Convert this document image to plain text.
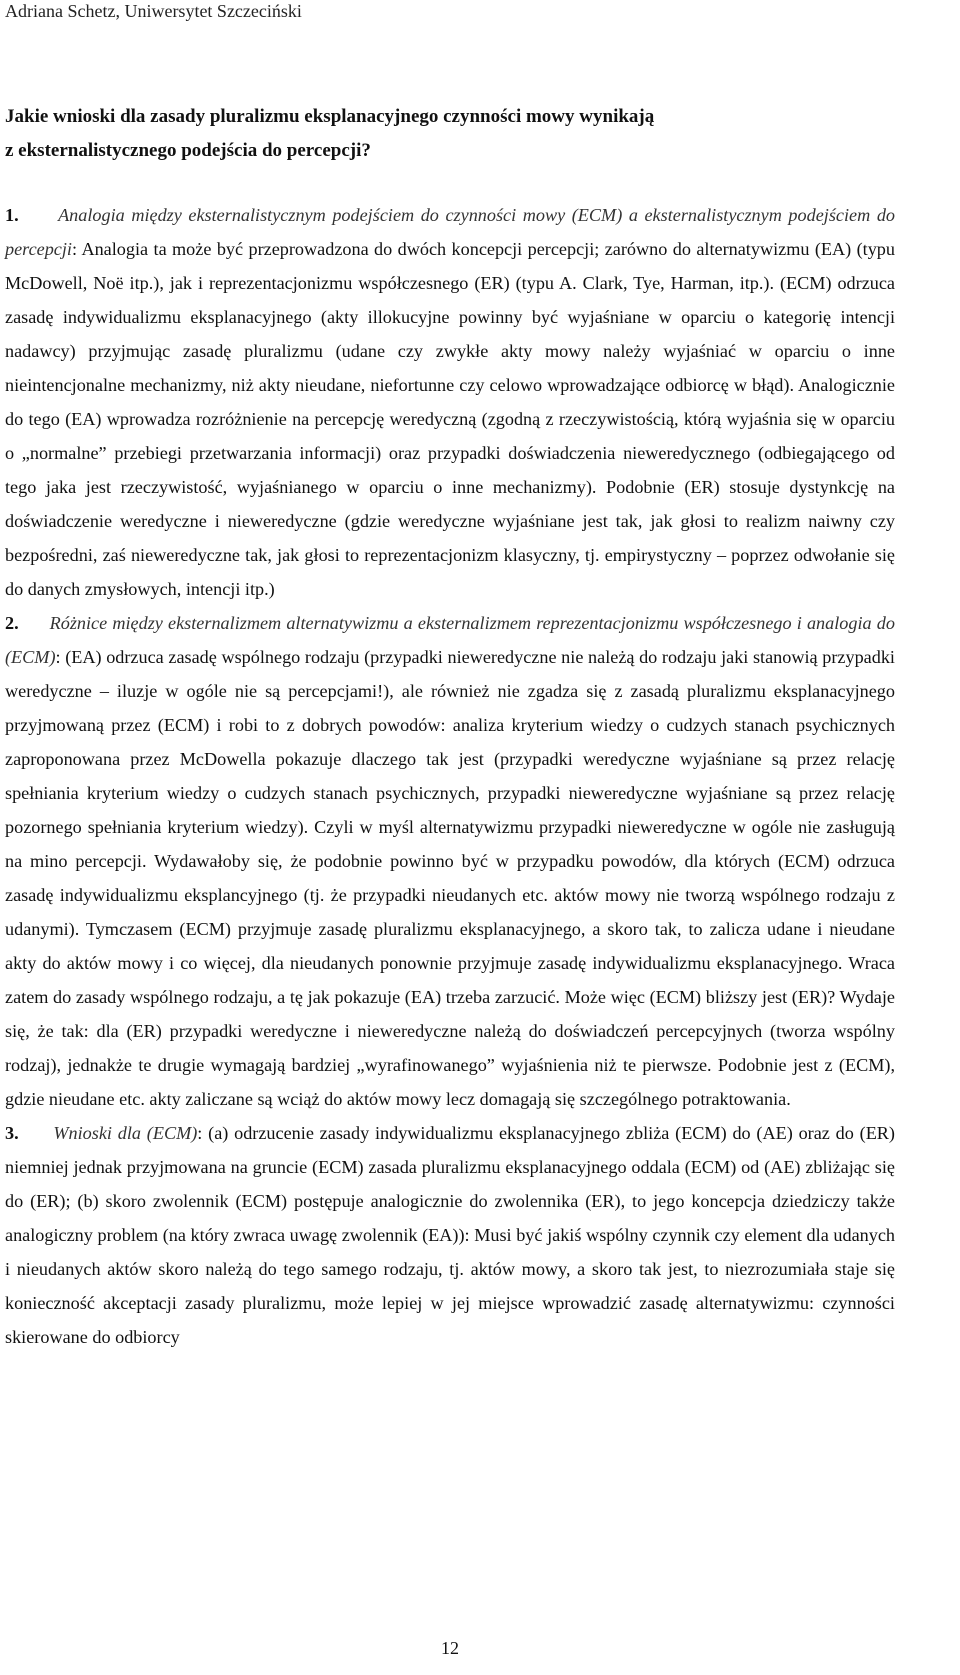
Adriana Schetz, Uniwersytet Szczeciński
Jakie wnioski dla zasady pluralizmu eksplanacyjnego czynności mowy wynikają
z eksternalistycznego podejścia do percepcji?

1. Analogia między eksternalistycznym podejściem do czynności mowy (ECM) a eksternalistycznym podejściem do percepcji: Analogia ta może być przeprowadzona do dwóch koncepcji percepcji; zarówno do alternatywizmu (EA) (typu McDowell, Noë itp.), jak i reprezentacjonizmu współczesnego (ER) (typu A. Clark, Tye, Harman, itp.). (ECM) odrzuca zasadę indywidualizmu eksplanacyjnego (akty illokucyjne powinny być wyjaśniane w oparciu o kategorię intencji nadawcy) przyjmując zasadę pluralizmu (udane czy zwykłe akty mowy należy wyjaśniać w oparciu o inne nieintencjonalne mechanizmy, niż akty nieudane, niefortunne czy celowo wprowadzające odbiorcę w błąd). Analogicznie do tego (EA) wprowadza rozróżnienie na percepcję weredyczną (zgodną z rzeczywistością, którą wyjaśnia się w oparciu o „normalne” przebiegi przetwarzania informacji) oraz przypadki doświadczenia nieweredycznego (odbiegającego od tego jaka jest rzeczywistość, wyjaśnianego w oparciu o inne mechanizmy). Podobnie (ER) stosuje dystynkcję na doświadczenie weredyczne i nieweredyczne (gdzie weredyczne wyjaśniane jest tak, jak głosi to realizm naiwny czy bezpośredni, zaś nieweredyczne tak, jak głosi to reprezentacjonizm klasyczny, tj. empirystyczny – poprzez odwołanie się do danych zmysłowych, intencji itp.)

2. Różnice między eksternalizmem alternatywizmu a eksternalizmem reprezentacjonizmu współczesnego i analogia do (ECM): (EA) odrzuca zasadę wspólnego rodzaju (przypadki nieweredyczne nie należą do rodzaju jaki stanowią przypadki weredyczne – iluzje w ogóle nie są percepcjami!), ale również nie zgadza się z zasadą pluralizmu eksplanacyjnego przyjmowaną przez (ECM) i robi to z dobrych powodów: analiza kryterium wiedzy o cudzych stanach psychicznych zaproponowana przez McDowella pokazuje dlaczego tak jest (przypadki weredyczne wyjaśniane są przez relację spełniania kryterium wiedzy o cudzych stanach psychicznych, przypadki nieweredyczne wyjaśniane są przez relację pozornego spełniania kryterium wiedzy). Czyli w myśl alternatywizmu przypadki nieweredyczne w ogóle nie zasługują na mino percepcji. Wydawałoby się, że podobnie powinno być w przypadku powodów, dla których (ECM) odrzuca zasadę indywidualizmu eksplancyjnego (tj. że przypadki nieudanych etc. aktów mowy nie tworzą wspólnego rodzaju z udanymi). Tymczasem (ECM) przyjmuje zasadę pluralizmu eksplanacyjnego, a skoro tak, to zalicza udane i nieudane akty do aktów mowy i co więcej, dla nieudanych ponownie przyjmuje zasadę indywidualizmu eksplanacyjnego. Wraca zatem do zasady wspólnego rodzaju, a tę jak pokazuje (EA) trzeba zarzucić. Może więc (ECM) bliższy jest (ER)? Wydaje się, że tak: dla (ER) przypadki weredyczne i nieweredyczne należą do doświadczeń percepcyjnych (tworza wspólny rodzaj), jednakże te drugie wymagają bardziej „wyrafinowanego” wyjaśnienia niż te pierwsze. Podobnie jest z (ECM), gdzie nieudane etc. akty zaliczane są wciąż do aktów mowy lecz domagają się szczególnego potraktowania.

3. Wnioski dla (ECM): (a) odrzucenie zasady indywidualizmu eksplanacyjnego zbliża (ECM) do (AE) oraz do (ER) niemniej jednak przyjmowana na gruncie (ECM) zasada pluralizmu eksplanacyjnego oddala (ECM) od (AE) zbliżając się do (ER); (b) skoro zwolennik (ECM) postępuje analogicznie do zwolennika (ER), to jego koncepcja dziedziczy także analogiczny problem (na który zwraca uwagę zwolennik (EA)): Musi być jakiś wspólny czynnik czy element dla udanych i nieudanych aktów skoro należą do tego samego rodzaju, tj. aktów mowy, a skoro tak jest, to niezrozumiała staje się konieczność akceptacji zasady pluralizmu, może lepiej w jej miejsce wprowadzić zasadę alternatywizmu: czynności skierowane do odbiorcy

12
